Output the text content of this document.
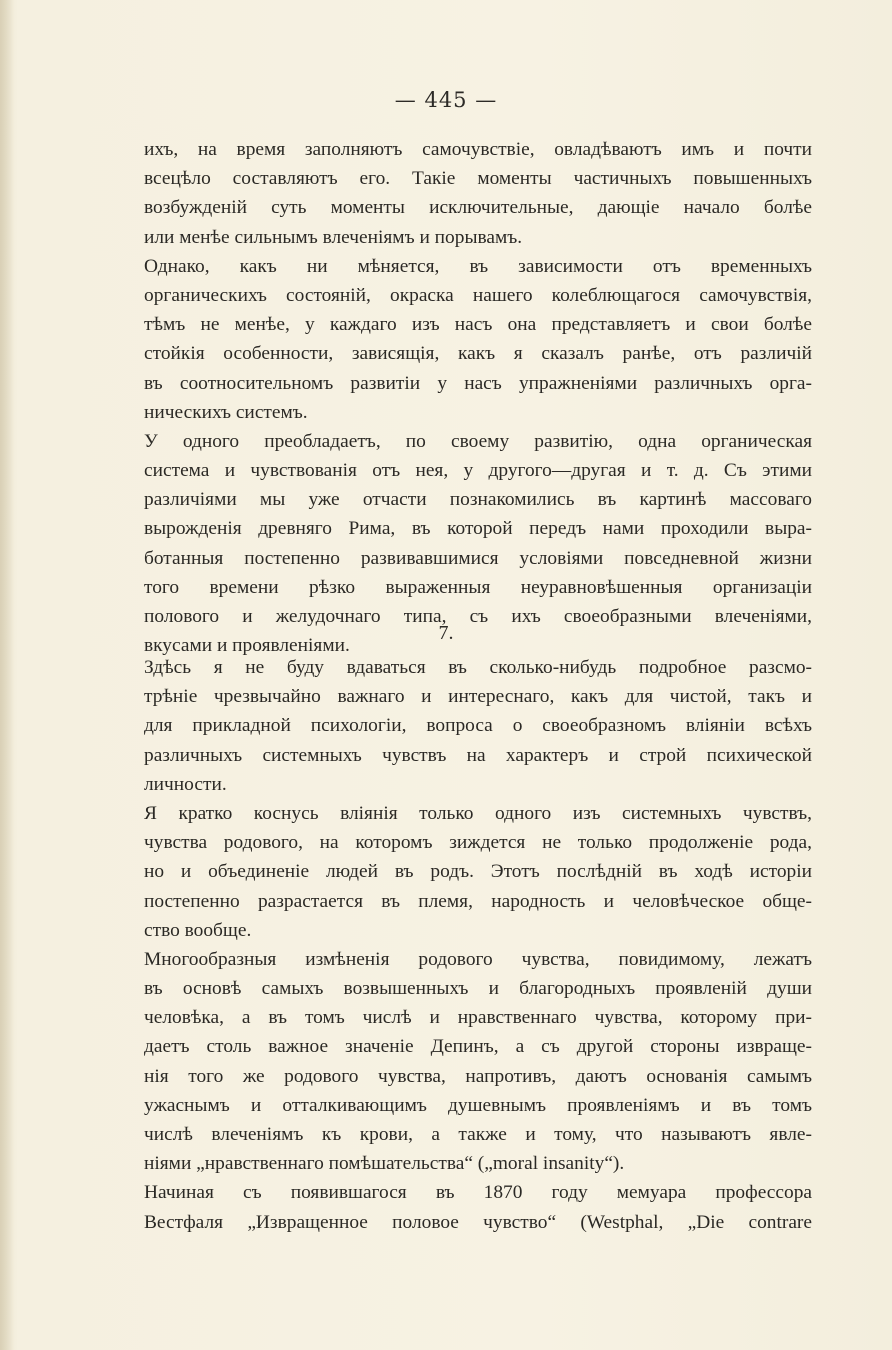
— 445 —
ихъ, на время заполняютъ самочувствіе, овладѣваютъ имъ и почти
всецѣло составляютъ его. Такіе моменты частичныхъ повышенныхъ
возбужденій суть моменты исключительные, дающіе начало болѣе
или менѣе сильнымъ влеченіямъ и порывамъ.
Однако, какъ ни мѣняется, въ зависимости отъ временныхъ
органическихъ состояній, окраска нашего колеблющагося самочувствія,
тѣмъ не менѣе, у каждаго изъ насъ она представляетъ и свои болѣе
стойкія особенности, зависящія, какъ я сказалъ ранѣе, отъ различій
въ соотносительномъ развитіи у насъ упражненіями различныхъ орга-
ническихъ системъ.
У одного преобладаетъ, по своему развитію, одна органическая
система и чувствованія отъ нея, у другого—другая и т. д. Съ этими
различіями мы уже отчасти познакомились въ картинѣ массоваго
вырожденія древняго Рима, въ которой передъ нами проходили выра-
ботанныя постепенно развивавшимися условіями повседневной жизни
того времени рѣзко выраженныя неуравновѣшенныя организаціи
полового и желудочнаго типа, съ ихъ своеобразными влеченіями,
вкусами и проявленіями.
7.
Здѣсь я не буду вдаваться въ сколько-нибудь подробное разсмо-
трѣніе чрезвычайно важнаго и интереснаго, какъ для чистой, такъ и
для прикладной психологіи, вопроса о своеобразномъ вліяніи всѣхъ
различныхъ системныхъ чувствъ на характеръ и строй психической
личности.
Я кратко коснусь вліянія только одного изъ системныхъ чувствъ,
чувства родового, на которомъ зиждется не только продолженіе рода,
но и объединеніе людей въ родъ. Этотъ послѣдній въ ходѣ исторіи
постепенно разрастается въ племя, народность и человѣческое обще-
ство вообще.
Многообразныя измѣненія родового чувства, повидимому, лежатъ
въ основѣ самыхъ возвышенныхъ и благородныхъ проявленій души
человѣка, а въ томъ числѣ и нравственнаго чувства, которому при-
даетъ столь важное значеніе Депинъ, а съ другой стороны извраще-
нія того же родового чувства, напротивъ, даютъ основанія самымъ
ужаснымъ и отталкивающимъ душевнымъ проявленіямъ и въ томъ
числѣ влеченіямъ къ крови, а также и тому, что называютъ явле-
ніями „нравственнаго помѣшательства“ („moral insanity“).
Начиная съ появившагося въ 1870 году мемуара профессора
Вестфаля „Извращенное половое чувство“ (Westphal, „Die contrare
